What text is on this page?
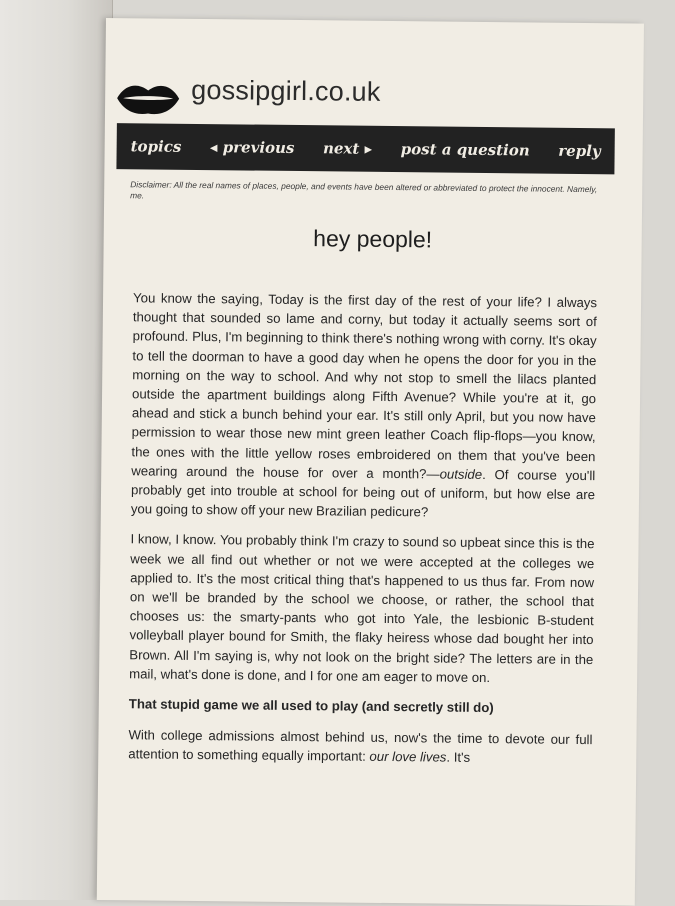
gossipgirl.co.uk
topics ◂ previous next ▸ post a question reply
Disclaimer: All the real names of places, people, and events have been altered or abbreviated to protect the innocent. Namely, me.
hey people!

You know the saying, Today is the first day of the rest of your life? I always thought that sounded so lame and corny, but today it actually seems sort of profound. Plus, I'm beginning to think there's nothing wrong with corny. It's okay to tell the doorman to have a good day when he opens the door for you in the morning on the way to school. And why not stop to smell the lilacs planted outside the apartment buildings along Fifth Avenue? While you're at it, go ahead and stick a bunch behind your ear. It's still only April, but you now have permission to wear those new mint green leather Coach flip-flops—you know, the ones with the little yellow roses embroidered on them that you've been wearing around the house for over a month?—outside. Of course you'll probably get into trouble at school for being out of uniform, but how else are you going to show off your new Brazilian pedicure?

I know, I know. You probably think I'm crazy to sound so upbeat since this is the week we all find out whether or not we were accepted at the colleges we applied to. It's the most critical thing that's happened to us thus far. From now on we'll be branded by the school we choose, or rather, the school that chooses us: the smarty-pants who got into Yale, the lesbionic B-student volleyball player bound for Smith, the flaky heiress whose dad bought her into Brown. All I'm saying is, why not look on the bright side? The letters are in the mail, what's done is done, and I for one am eager to move on.

That stupid game we all used to play (and secretly still do)

With college admissions almost behind us, now's the time to devote our full attention to something equally important: our love lives. It's
